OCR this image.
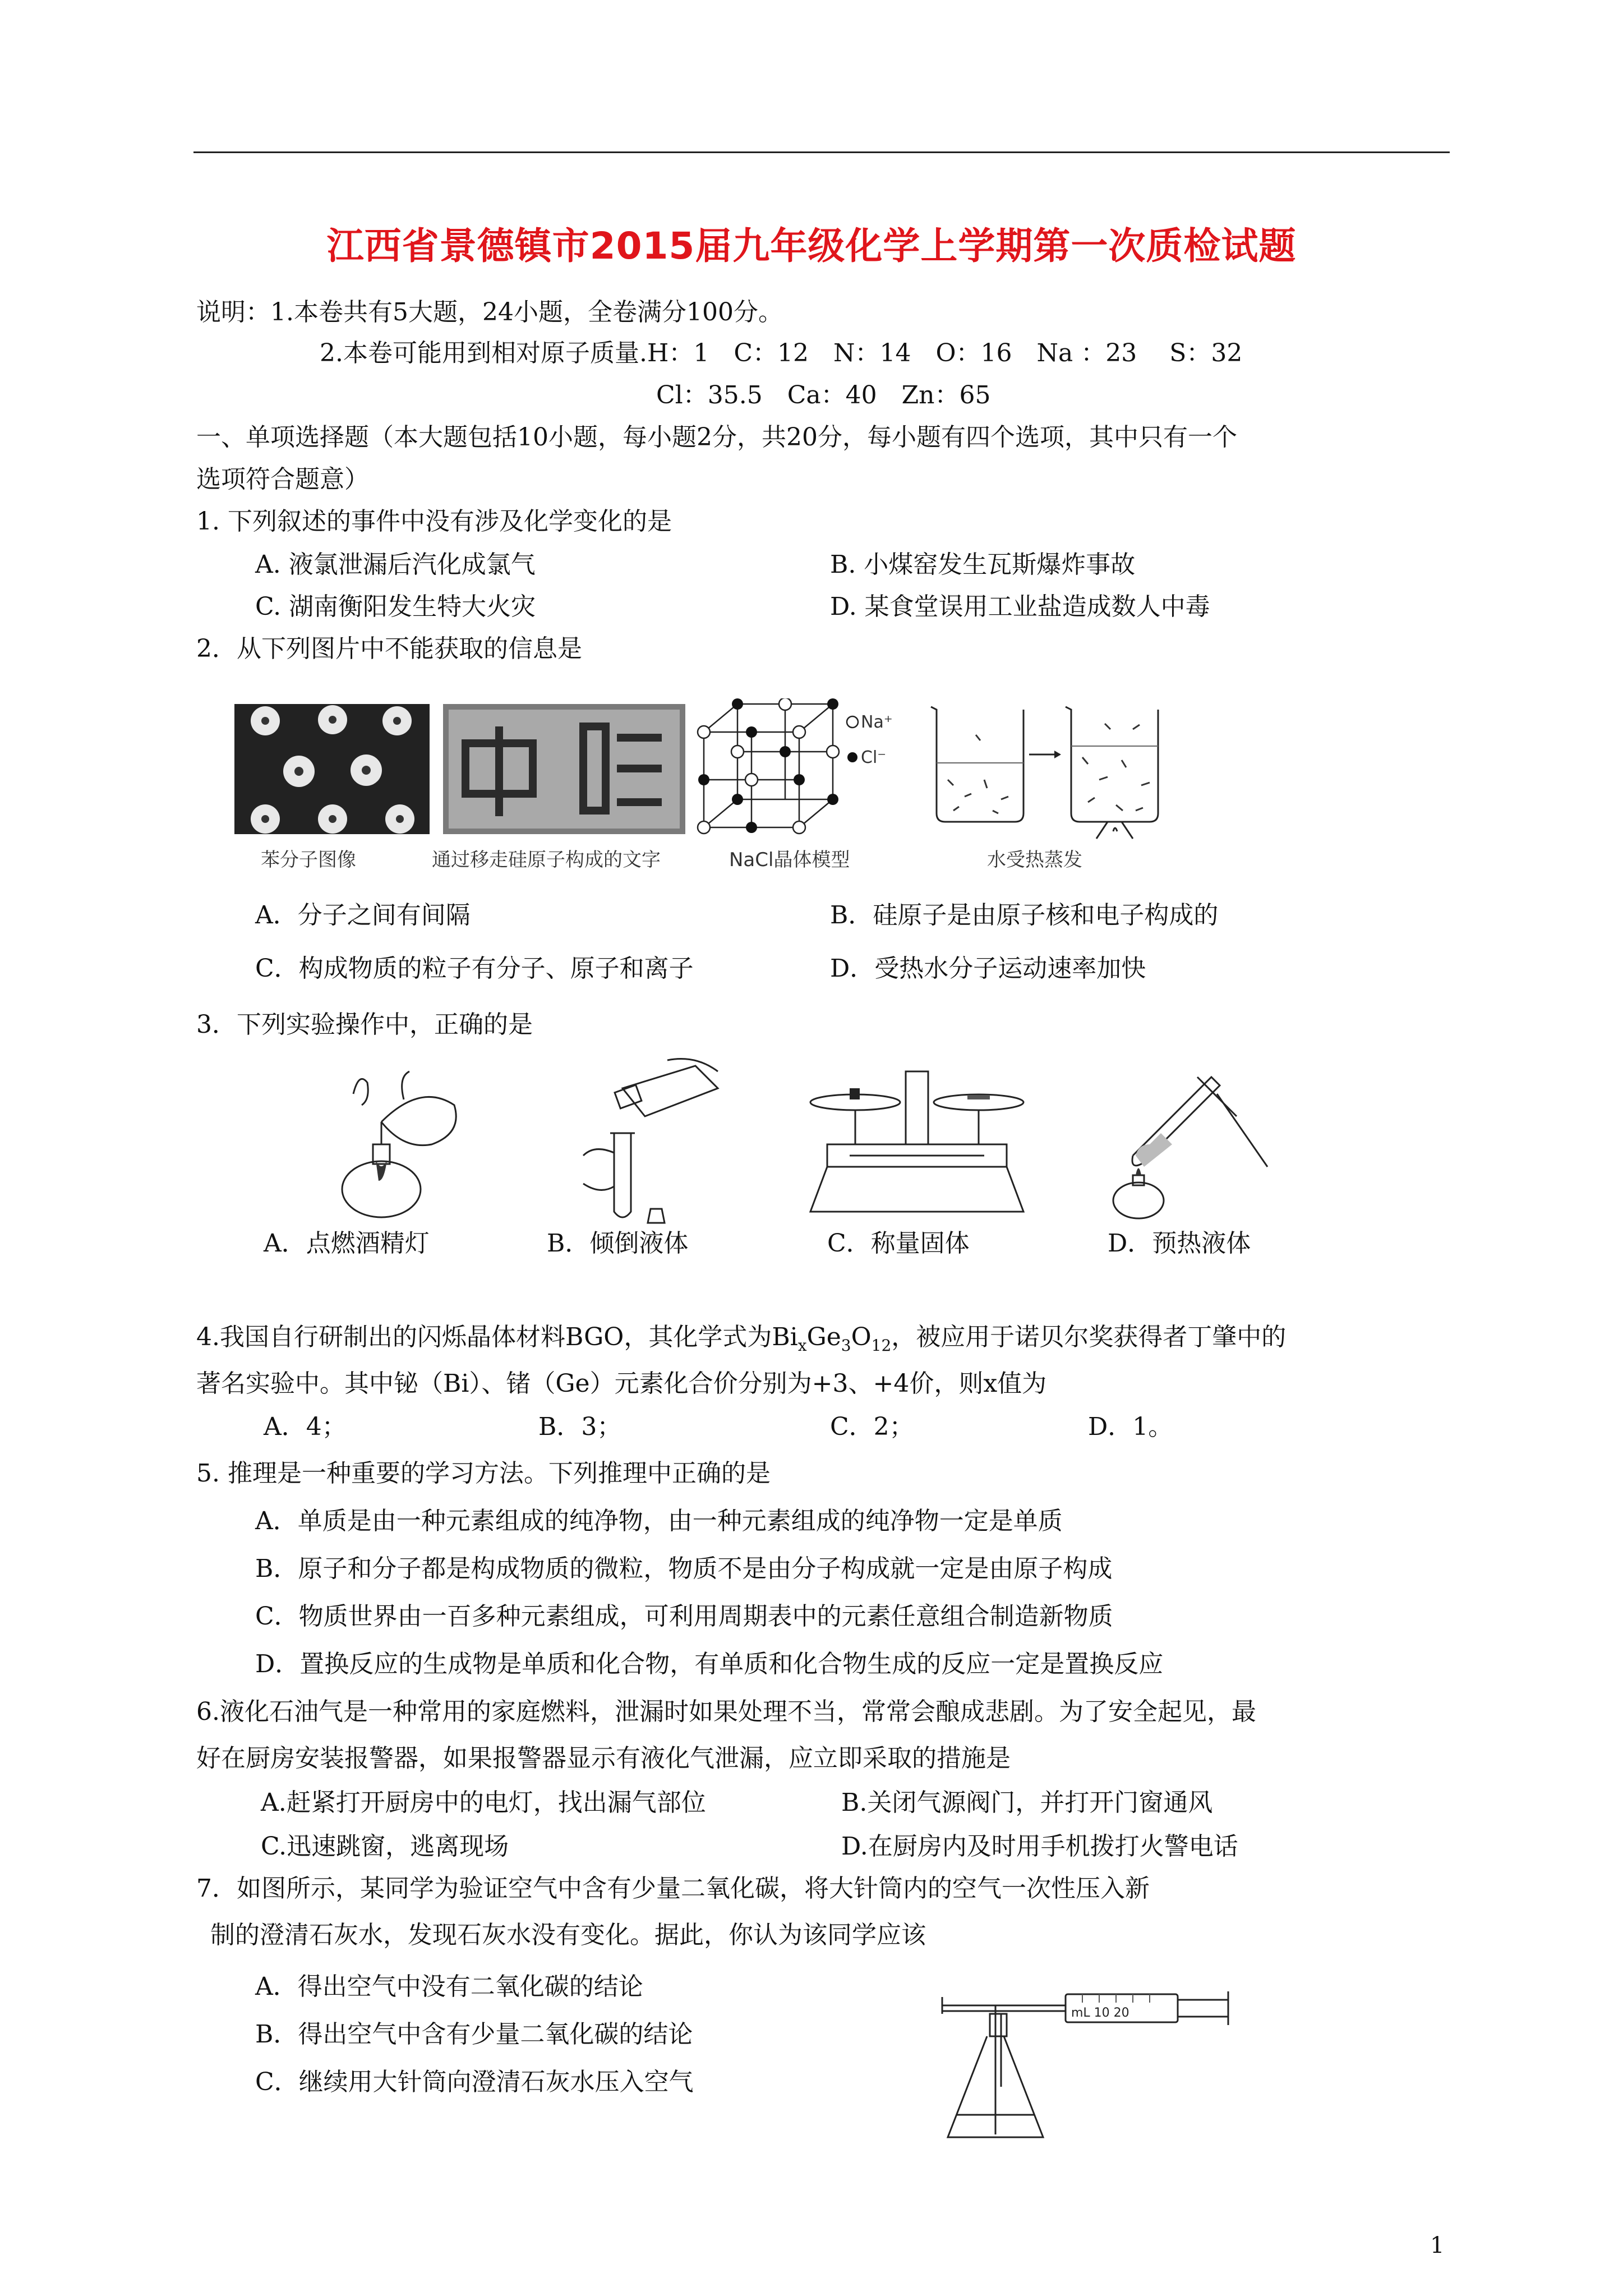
江西省景德镇市2015届九年级化学上学期第一次质检试题
说明：1.本卷共有5大题，24小题，全卷满分100分。
2.本卷可能用到相对原子质量.H：1　C：12　N：14　O：16　Na ：23　 S：32
Cl：35.5　Ca：40　Zn：65
一、单项选择题（本大题包括10小题，每小题2分，共20分，每小题有四个选项，其中只有一个
选项符合题意）
1. 下列叙述的事件中没有涉及化学变化的是
A. 液氯泄漏后汽化成氯气	B. 小煤窑发生瓦斯爆炸事故
C. 湖南衡阳发生特大火灾	D. 某食堂误用工业盐造成数人中毒
2．从下列图片中不能获取的信息是
苯分子图像	通过移走硅原子构成的文字
Na⁺
Cl⁻
NaCl晶体模型	水受热蒸发
A．分子之间有间隔	B．硅原子是由原子核和电子构成的
C．构成物质的粒子有分子、原子和离子	D．受热水分子运动速率加快
3．下列实验操作中，正确的是
A．点燃酒精灯	B．倾倒液体	C．称量固体	D．预热液体
4.我国自行研制出的闪烁晶体材料BGO，其化学式为$Bi_xGe_3O_{12}$，被应用于诺贝尔奖获得者丁肇中的
著名实验中。其中铋（Bi）、锗（Ge）元素化合价分别为+3、+4价，则x值为
A．4；	B．3；	C．2；	D．1。
5. 推理是一种重要的学习方法。下列推理中正确的是
A．单质是由一种元素组成的纯净物，由一种元素组成的纯净物一定是单质
B．原子和分子都是构成物质的微粒，物质不是由分子构成就一定是由原子构成
C．物质世界由一百多种元素组成，可利用周期表中的元素任意组合制造新物质
D．置换反应的生成物是单质和化合物，有单质和化合物生成的反应一定是置换反应
6.液化石油气是一种常用的家庭燃料，泄漏时如果处理不当，常常会酿成悲剧。为了安全起见，最
好在厨房安装报警器，如果报警器显示有液化气泄漏，应立即采取的措施是
A.赶紧打开厨房中的电灯，找出漏气部位	B.关闭气源阀门，并打开门窗通风
C.迅速跳窗，逃离现场	D.在厨房内及时用手机拨打火警电话
7．如图所示，某同学为验证空气中含有少量二氧化碳，将大针筒内的空气一次性压入新
制的澄清石灰水，发现石灰水没有变化。据此，你认为该同学应该
A．得出空气中没有二氧化碳的结论
B．得出空气中含有少量二氧化碳的结论
C．继续用大针筒向澄清石灰水压入空气
mL 10 20
1
